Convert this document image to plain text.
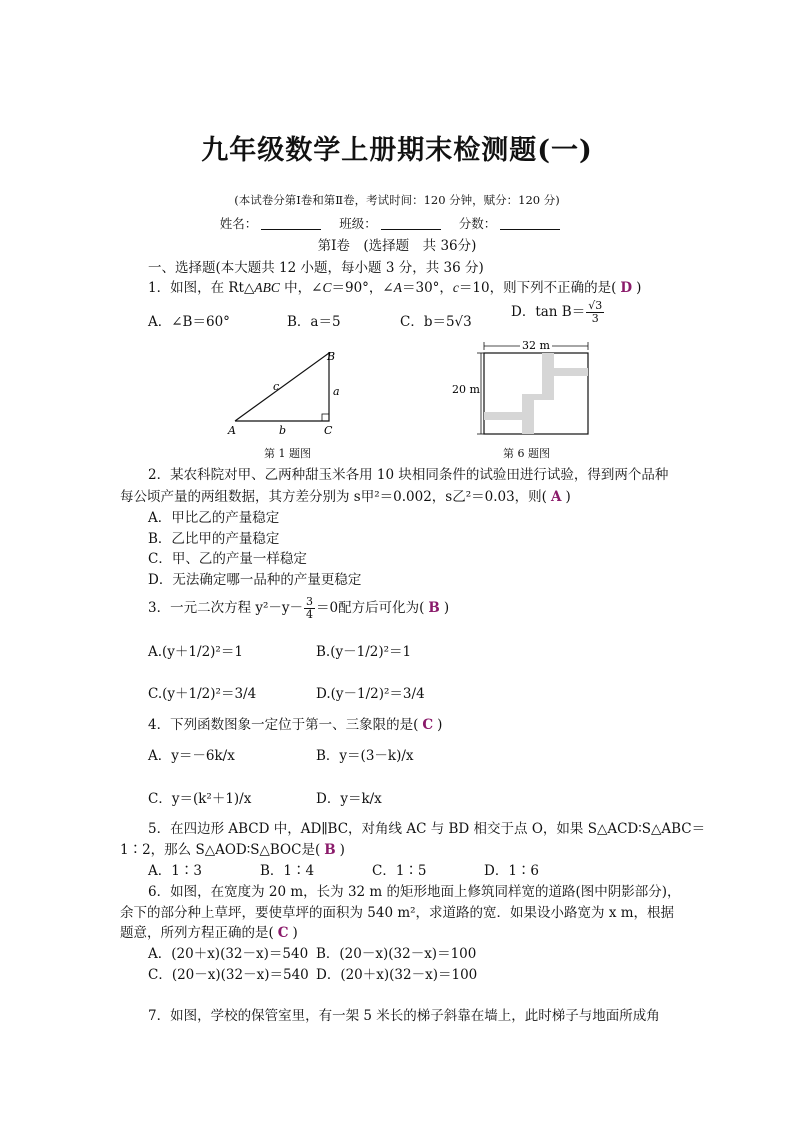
九年级数学上册期末检测题(一)
(本试卷分第Ⅰ卷和第Ⅱ卷，考试时间：120 分钟，赋分：120 分)
姓名：	班级：	分数：
第Ⅰ卷　(选择题　共 36分)
一、选择题(本大题共 12 小题，每小题 3 分，共 36 分)
1．如图，在 Rt△ABC 中，∠C＝90°，∠A＝30°，c＝10，则下列不正确的是( D )
A．∠B＝60°	B．a＝5	C．b＝5√3
D．$\tan B= \frac{√3}{3}$
A
B
C
a
b
c
第 1 题图
32 m
20 m
第 6 题图
2．某农科院对甲、乙两种甜玉米各用 10 块相同条件的试验田进行试验，得到两个品种
每公顷产量的两组数据，其方差分别为 s甲²＝0.002，s乙²＝0.03，则( A )
A．甲比乙的产量稳定
B．乙比甲的产量稳定
C．甲、乙的产量一样稳定
D．无法确定哪一品种的产量更稳定
3．一元二次方程 $y^2-y- \frac{3}{4} =0$配方后可化为( B )
A.(y＋1/2)²＝1	B.(y－1/2)²＝1
C.(y＋1/2)²＝3/4	D.(y－1/2)²＝3/4
4．下列函数图象一定位于第一、三象限的是( C )
A．y＝－6k/x	B．y＝(3－k)/x
C．y＝(k²＋1)/x	D．y＝k/x
5．在四边形 ABCD 中，AD∥BC，对角线 AC 与 BD 相交于点 O，如果 S△ACD∶S△ABC＝
1∶2，那么 S△AOD∶S△BOC是( B )
A．1∶3	B．1∶4	C．1∶5	D．1∶6
6．如图，在宽度为 20 m，长为 32 m 的矩形地面上修筑同样宽的道路(图中阴影部分)，
余下的部分种上草坪，要使草坪的面积为 540 m²，求道路的宽．如果设小路宽为 x m，根据
题意，所列方程正确的是( C )
A．(20＋x)(32－x)＝540 B．(20－x)(32－x)＝100
C．(20－x)(32－x)＝540 D．(20＋x)(32－x)＝100
7．如图，学校的保管室里，有一架 5 米长的梯子斜靠在墙上，此时梯子与地面所成角
